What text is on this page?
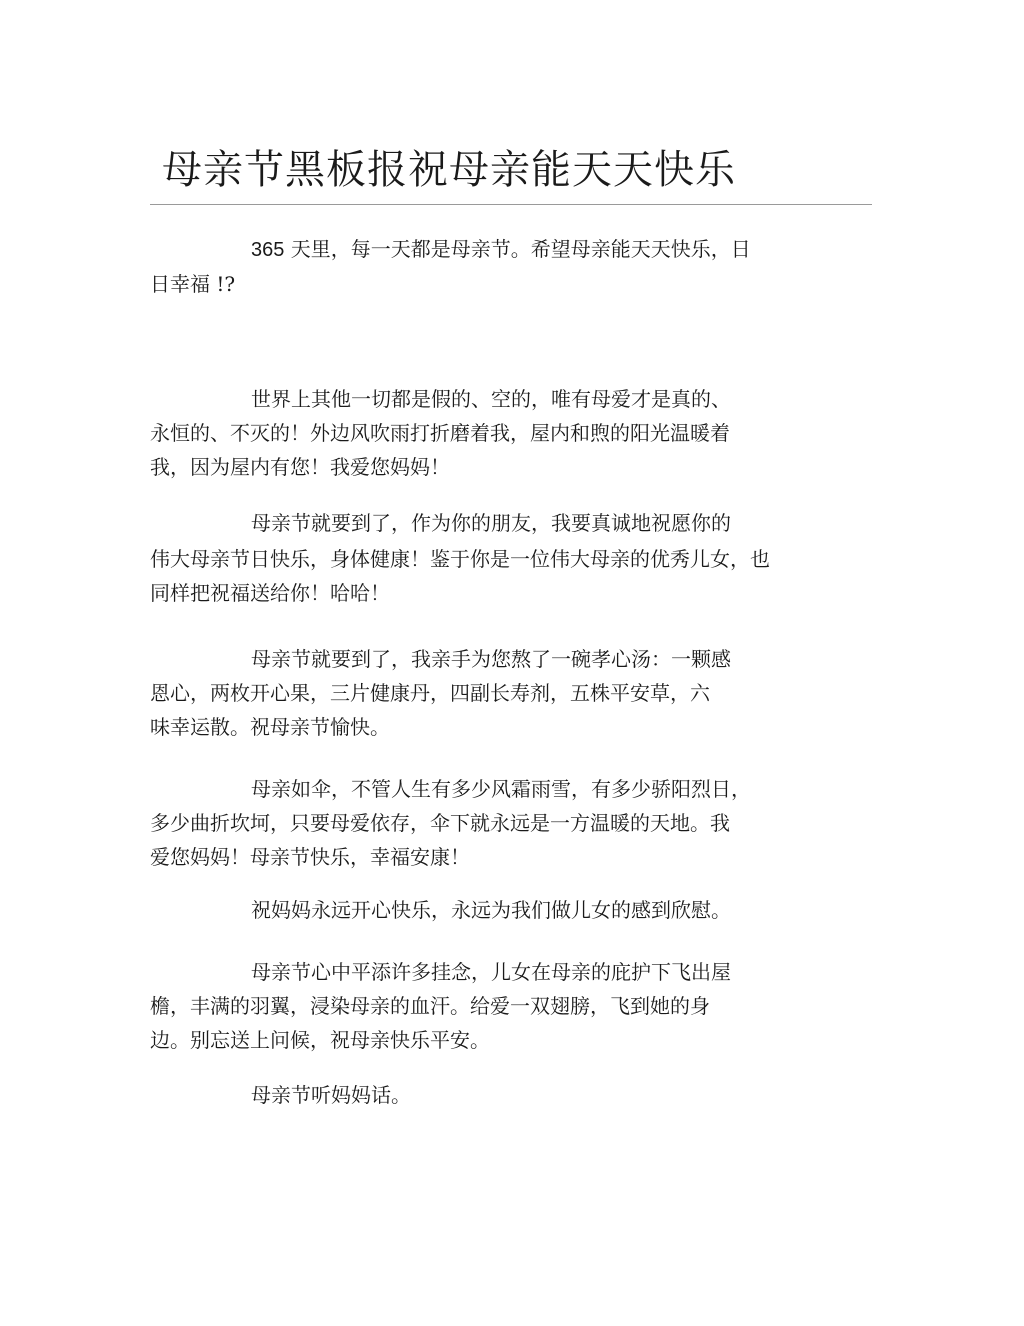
母亲节黑板报祝母亲能天天快乐

365 天里，每一天都是母亲节。希望母亲能天天快乐，日
日幸福 !?

世界上其他一切都是假的、空的，唯有母爱才是真的、
永恒的、不灭的！外边风吹雨打折磨着我，屋内和煦的阳光温暖着
我，因为屋内有您！我爱您妈妈！

母亲节就要到了，作为你的朋友，我要真诚地祝愿你的
伟大母亲节日快乐，身体健康！鉴于你是一位伟大母亲的优秀儿女，也
同样把祝福送给你！哈哈！

母亲节就要到了，我亲手为您熬了一碗孝心汤：一颗感
恩心，两枚开心果，三片健康丹，四副长寿剂，五株平安草，六
味幸运散。祝母亲节愉快。

母亲如伞，不管人生有多少风霜雨雪，有多少骄阳烈日，
多少曲折坎坷，只要母爱依存，伞下就永远是一方温暖的天地。我
爱您妈妈！母亲节快乐，幸福安康！

祝妈妈永远开心快乐，永远为我们做儿女的感到欣慰。

母亲节心中平添许多挂念，儿女在母亲的庇护下飞出屋
檐，丰满的羽翼，浸染母亲的血汗。给爱一双翅膀，飞到她的身
边。别忘送上问候，祝母亲快乐平安。

母亲节听妈妈话。
